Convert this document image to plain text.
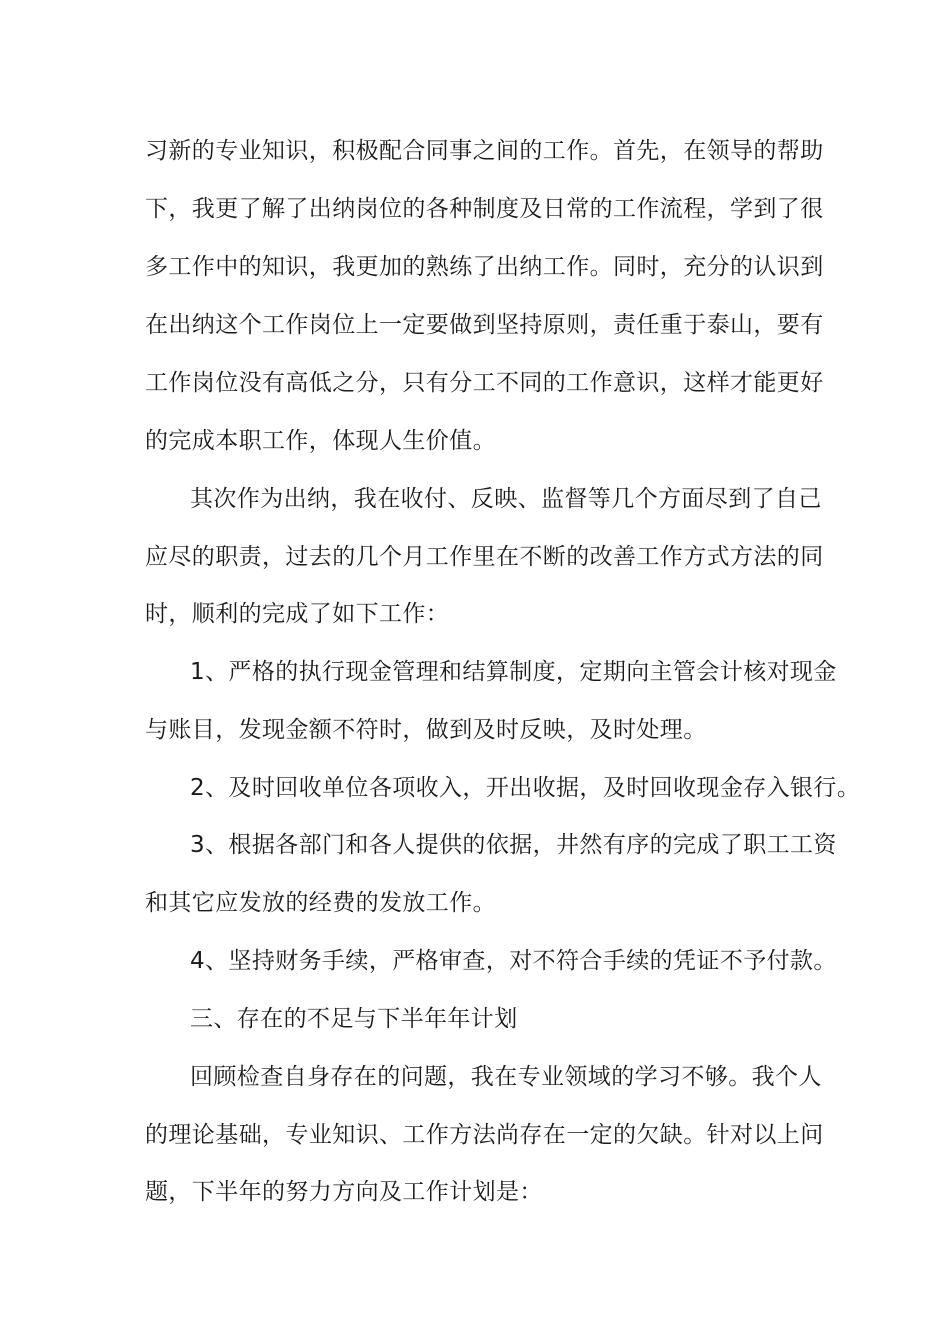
习新的专业知识，积极配合同事之间的工作。首先，在领导的帮助
下，我更了解了出纳岗位的各种制度及日常的工作流程，学到了很
多工作中的知识，我更加的熟练了出纳工作。同时，充分的认识到
在出纳这个工作岗位上一定要做到坚持原则，责任重于泰山，要有
工作岗位没有高低之分，只有分工不同的工作意识，这样才能更好
的完成本职工作，体现人生价值。
其次作为出纳，我在收付、反映、监督等几个方面尽到了自己
应尽的职责，过去的几个月工作里在不断的改善工作方式方法的同
时，顺利的完成了如下工作：
1、严格的执行现金管理和结算制度，定期向主管会计核对现金
与账目，发现金额不符时，做到及时反映，及时处理。
2、及时回收单位各项收入，开出收据，及时回收现金存入银行。
3、根据各部门和各人提供的依据，井然有序的完成了职工工资
和其它应发放的经费的发放工作。
4、坚持财务手续，严格审查，对不符合手续的凭证不予付款。
三、存在的不足与下半年年计划
回顾检查自身存在的问题，我在专业领域的学习不够。我个人
的理论基础，专业知识、工作方法尚存在一定的欠缺。针对以上问
题，下半年的努力方向及工作计划是：
